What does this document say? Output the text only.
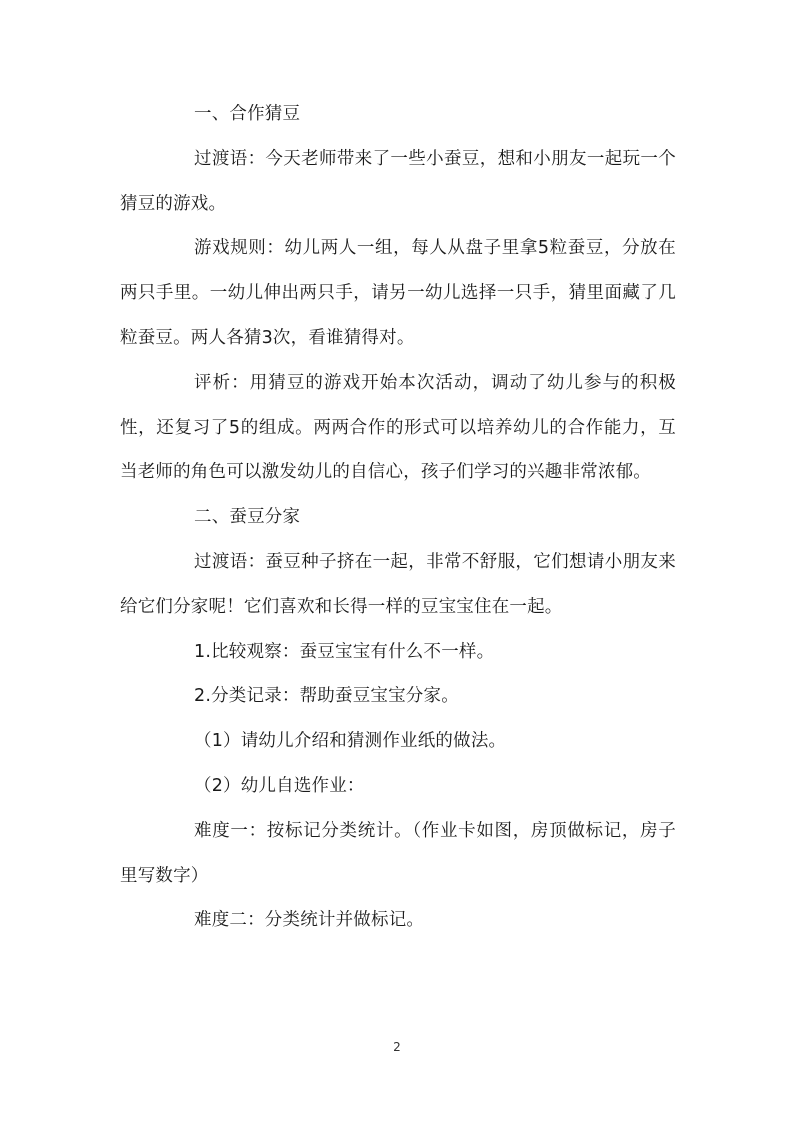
一、合作猜豆

过渡语：今天老师带来了一些小蚕豆，想和小朋友一起玩一个猜豆的游戏。

游戏规则：幼儿两人一组，每人从盘子里拿5粒蚕豆，分放在两只手里。一幼儿伸出两只手，请另一幼儿选择一只手，猜里面藏了几粒蚕豆。两人各猜3次，看谁猜得对。

评析：用猜豆的游戏开始本次活动，调动了幼儿参与的积极性，还复习了5的组成。两两合作的形式可以培养幼儿的合作能力，互当老师的角色可以激发幼儿的自信心，孩子们学习的兴趣非常浓郁。

二、蚕豆分家

过渡语：蚕豆种子挤在一起，非常不舒服，它们想请小朋友来给它们分家呢！它们喜欢和长得一样的豆宝宝住在一起。

1.比较观察：蚕豆宝宝有什么不一样。

2.分类记录：帮助蚕豆宝宝分家。

（1）请幼儿介绍和猜测作业纸的做法。

（2）幼儿自选作业：

难度一：按标记分类统计。（作业卡如图，房顶做标记，房子里写数字）

难度二：分类统计并做标记。

2
